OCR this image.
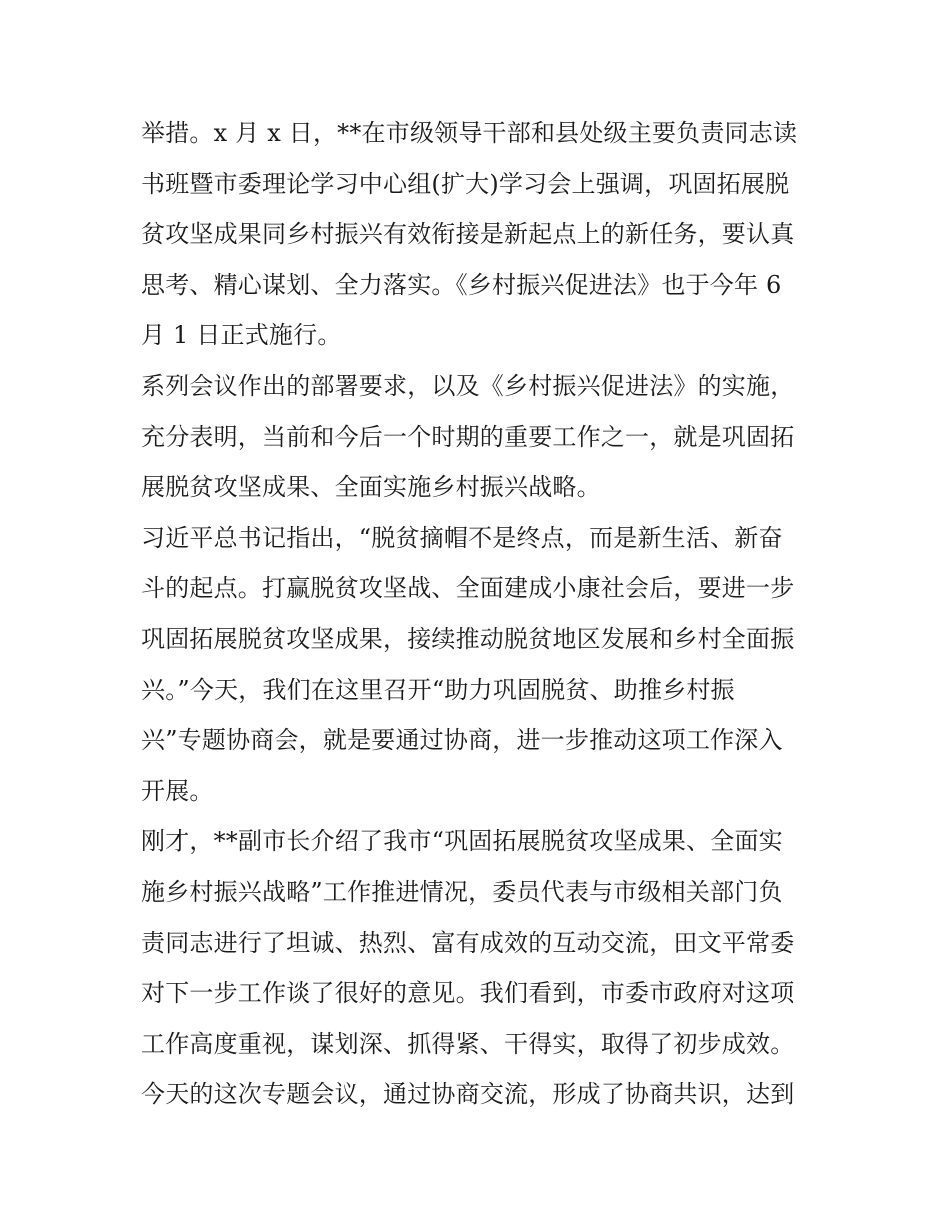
举措。x 月 x 日，**在市级领导干部和县处级主要负责同志读
书班暨市委理论学习中心组(扩大)学习会上强调，巩固拓展脱
贫攻坚成果同乡村振兴有效衔接是新起点上的新任务，要认真
思考、精心谋划、全力落实。《乡村振兴促进法》也于今年 6
月 1 日正式施行。
系列会议作出的部署要求，以及《乡村振兴促进法》的实施，
充分表明，当前和今后一个时期的重要工作之一，就是巩固拓
展脱贫攻坚成果、全面实施乡村振兴战略。
习近平总书记指出，“脱贫摘帽不是终点，而是新生活、新奋
斗的起点。打赢脱贫攻坚战、全面建成小康社会后，要进一步
巩固拓展脱贫攻坚成果，接续推动脱贫地区发展和乡村全面振
兴。”今天，我们在这里召开“助力巩固脱贫、助推乡村振
兴”专题协商会，就是要通过协商，进一步推动这项工作深入
开展。
刚才，**副市长介绍了我市“巩固拓展脱贫攻坚成果、全面实
施乡村振兴战略”工作推进情况，委员代表与市级相关部门负
责同志进行了坦诚、热烈、富有成效的互动交流，田文平常委
对下一步工作谈了很好的意见。我们看到，市委市政府对这项
工作高度重视，谋划深、抓得紧、干得实，取得了初步成效。
今天的这次专题会议，通过协商交流，形成了协商共识，达到
